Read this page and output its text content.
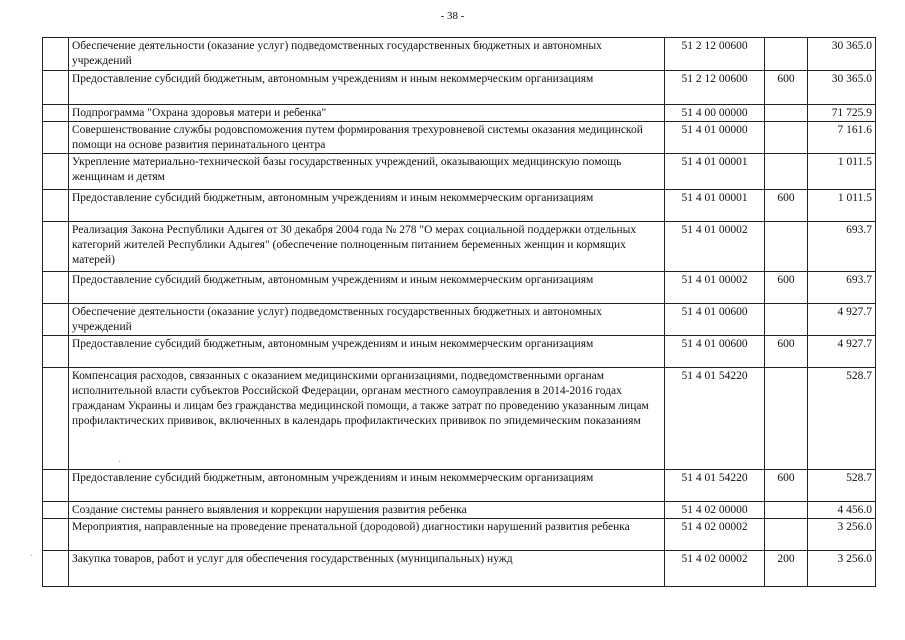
- 38 -
	Обеспечение деятельности (оказание услуг) подведомственных государственных бюджетных и автономных учреждений	51 2 12 00600		30 365.0
	Предоставление субсидий бюджетным, автономным учреждениям и иным некоммерческим организациям	51 2 12 00600	600	30 365.0
	Подпрограмма "Охрана здоровья матери и ребенка"	51 4 00 00000		71 725.9
	Совершенствование службы родовспоможения путем формирования трехуровневой системы оказания медицинской помощи на основе развития перинатального центра	51 4 01 00000		7 161.6
	Укрепление материально-технической базы государственных учреждений, оказывающих медицинскую помощь женщинам и детям	51 4 01 00001		1 011.5
	Предоставление субсидий бюджетным, автономным учреждениям и иным некоммерческим организациям	51 4 01 00001	600	1 011.5
	Реализация Закона Республики Адыгея от 30 декабря 2004 года № 278 "О мерах социальной поддержки отдельных категорий жителей Республики Адыгея" (обеспечение полноценным питанием беременных женщин и кормящих матерей)	51 4 01 00002		693.7
	Предоставление субсидий бюджетным, автономным учреждениям и иным некоммерческим организациям	51 4 01 00002	600	693.7
	Обеспечение деятельности (оказание услуг) подведомственных государственных бюджетных и автономных учреждений	51 4 01 00600		4 927.7
	Предоставление субсидий бюджетным, автономным учреждениям и иным некоммерческим организациям	51 4 01 00600	600	4 927.7
	Компенсация расходов, связанных с оказанием медицинскими организациями, подведомственными органам исполнительной власти субъектов Российской Федерации, органам местного самоуправления в 2014-2016 годах гражданам Украины и лицам без гражданства медицинской помощи, а также затрат по проведению указанным лицам профилактических прививок, включенных в календарь профилактических прививок по эпидемическим показаниям	51 4 01 54220		528.7
	Предоставление субсидий бюджетным, автономным учреждениям и иным некоммерческим организациям	51 4 01 54220	600	528.7
	Создание системы раннего выявления и коррекции нарушения развития ребенка	51 4 02 00000		4 456.0
	Мероприятия, направленные на проведение пренатальной (дородовой) диагностики нарушений развития ребенка	51 4 02 00002		3 256.0
	Закупка товаров, работ и услуг для обеспечения государственных (муниципальных) нужд	51 4 02 00002	200	3 256.0
·
·
